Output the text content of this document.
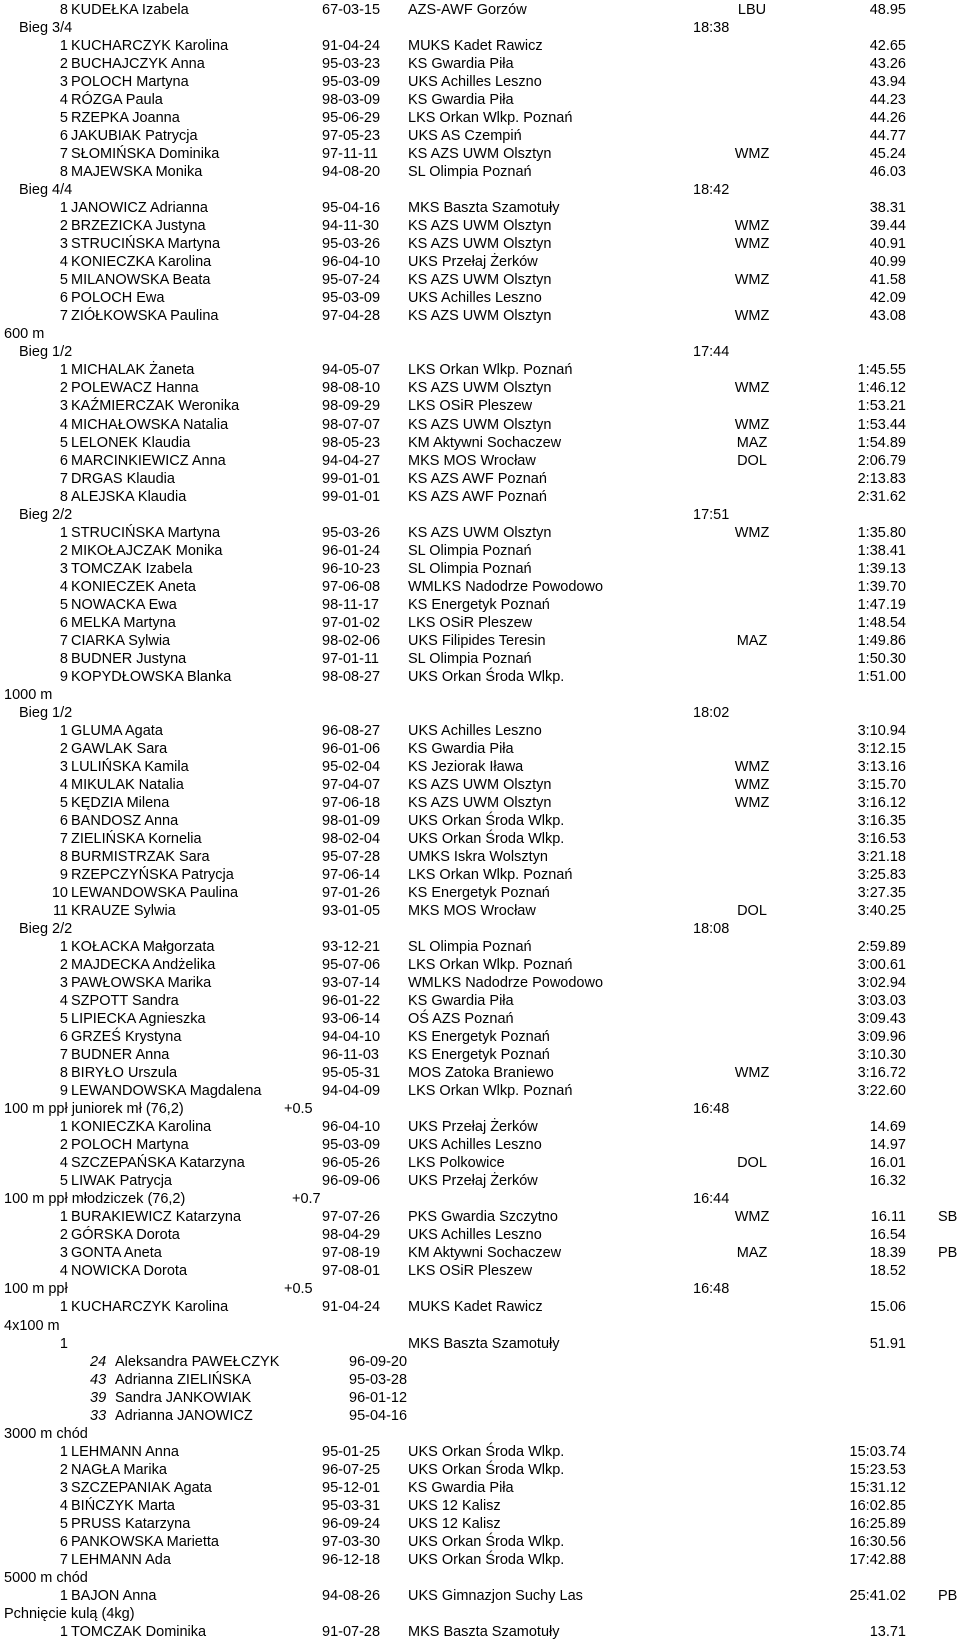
8 KUDEŁKA Izabela	67-03-15 AZS-AWF Gorzów	LBU	48.95
Bieg 3/4	18:38
1 KUCHARCZYK Karolina	91-04-24 MUKS Kadet Rawicz	42.65
2 BUCHAJCZYK Anna	95-03-23 KS Gwardia Piła	43.26
3 POLOCH Martyna	95-03-09 UKS Achilles Leszno	43.94
4 RÓZGA Paula	98-03-09 KS Gwardia Piła	44.23
5 RZEPKA Joanna	95-06-29 LKS Orkan Wlkp. Poznań	44.26
6 JAKUBIAK Patrycja	97-05-23 UKS AS Czempiń	44.77
7 SŁOMIŃSKA Dominika	97-11-11 KS AZS UWM Olsztyn	WMZ	45.24
8 MAJEWSKA Monika	94-08-20 SL Olimpia Poznań	46.03
Bieg 4/4	18:42
1 JANOWICZ Adrianna	95-04-16 MKS Baszta Szamotuły	38.31
2 BRZEZICKA Justyna	94-11-30 KS AZS UWM Olsztyn	WMZ	39.44
3 STRUCIŃSKA Martyna	95-03-26 KS AZS UWM Olsztyn	WMZ	40.91
4 KONIECZKA Karolina	96-04-10 UKS Przełaj Żerków	40.99
5 MILANOWSKA Beata	95-07-24 KS AZS UWM Olsztyn	WMZ	41.58
6 POLOCH Ewa	95-03-09 UKS Achilles Leszno	42.09
7 ZIÓŁKOWSKA Paulina	97-04-28 KS AZS UWM Olsztyn	WMZ	43.08
600 m
Bieg 1/2	17:44
1 MICHALAK Żaneta	94-05-07 LKS Orkan Wlkp. Poznań	1:45.55
2 POLEWACZ Hanna	98-08-10 KS AZS UWM Olsztyn	WMZ	1:46.12
3 KAŹMIERCZAK Weronika	98-09-29 LKS OSiR Pleszew	1:53.21
4 MICHAŁOWSKA Natalia	98-07-07 KS AZS UWM Olsztyn	WMZ	1:53.44
5 LELONEK Klaudia	98-05-23 KM Aktywni Sochaczew	MAZ	1:54.89
6 MARCINKIEWICZ Anna	94-04-27 MKS MOS Wrocław	DOL	2:06.79
7 DRGAS Klaudia	99-01-01 KS AZS AWF Poznań	2:13.83
8 ALEJSKA Klaudia	99-01-01 KS AZS AWF Poznań	2:31.62
Bieg 2/2	17:51
1 STRUCIŃSKA Martyna	95-03-26 KS AZS UWM Olsztyn	WMZ	1:35.80
2 MIKOŁAJCZAK Monika	96-01-24 SL Olimpia Poznań	1:38.41
3 TOMCZAK Izabela	96-10-23 SL Olimpia Poznań	1:39.13
4 KONIECZEK Aneta	97-06-08 WMLKS Nadodrze Powodowo	1:39.70
5 NOWACKA Ewa	98-11-17 KS Energetyk Poznań	1:47.19
6 MELKA Martyna	97-01-02 LKS OSiR Pleszew	1:48.54
7 CIARKA Sylwia	98-02-06 UKS Filipides Teresin	MAZ	1:49.86
8 BUDNER Justyna	97-01-11 SL Olimpia Poznań	1:50.30
9 KOPYDŁOWSKA Blanka	98-08-27 UKS Orkan Środa Wlkp.	1:51.00
1000 m
Bieg 1/2	18:02
1 GLUMA Agata	96-08-27 UKS Achilles Leszno	3:10.94
2 GAWLAK Sara	96-01-06 KS Gwardia Piła	3:12.15
3 LULIŃSKA Kamila	95-02-04 KS Jeziorak Iława	WMZ	3:13.16
4 MIKULAK Natalia	97-04-07 KS AZS UWM Olsztyn	WMZ	3:15.70
5 KĘDZIA Milena	97-06-18 KS AZS UWM Olsztyn	WMZ	3:16.12
6 BANDOSZ Anna	98-01-09 UKS Orkan Środa Wlkp.	3:16.35
7 ZIELIŃSKA Kornelia	98-02-04 UKS Orkan Środa Wlkp.	3:16.53
8 BURMISTRZAK Sara	95-07-28 UMKS Iskra Wolsztyn	3:21.18
9 RZEPCZYŃSKA Patrycja	97-06-14 LKS Orkan Wlkp. Poznań	3:25.83
10 LEWANDOWSKA Paulina	97-01-26 KS Energetyk Poznań	3:27.35
11 KRAUZE Sylwia	93-01-05 MKS MOS Wrocław	DOL	3:40.25
Bieg 2/2	18:08
1 KOŁACKA Małgorzata	93-12-21 SL Olimpia Poznań	2:59.89
2 MAJDECKA Andżelika	95-07-06 LKS Orkan Wlkp. Poznań	3:00.61
3 PAWŁOWSKA Marika	93-07-14 WMLKS Nadodrze Powodowo	3:02.94
4 SZPOTT Sandra	96-01-22 KS Gwardia Piła	3:03.03
5 LIPIECKA Agnieszka	93-06-14 OŚ AZS Poznań	3:09.43
6 GRZEŚ Krystyna	94-04-10 KS Energetyk Poznań	3:09.96
7 BUDNER Anna	96-11-03 KS Energetyk Poznań	3:10.30
8 BIRYŁO Urszula	95-05-31 MOS Zatoka Braniewo	WMZ	3:16.72
9 LEWANDOWSKA Magdalena	94-04-09 LKS Orkan Wlkp. Poznań	3:22.60
100 m ppł juniorek mł (76,2)	+0.5	16:48
1 KONIECZKA Karolina	96-04-10 UKS Przełaj Żerków	14.69
2 POLOCH Martyna	95-03-09 UKS Achilles Leszno	14.97
4 SZCZEPAŃSKA Katarzyna	96-05-26 LKS Polkowice	DOL	16.01
5 LIWAK Patrycja	96-09-06 UKS Przełaj Żerków	16.32
100 m ppł młodziczek (76,2)	+0.7	16:44
1 BURAKIEWICZ Katarzyna	97-07-26 PKS Gwardia Szczytno	WMZ	16.11 SB
2 GÓRSKA Dorota	98-04-29 UKS Achilles Leszno	16.54
3 GONTA Aneta	97-08-19 KM Aktywni Sochaczew	MAZ	18.39 PB
4 NOWICKA Dorota	97-08-01 LKS OSiR Pleszew	18.52
100 m ppł	+0.5	16:48
1 KUCHARCZYK Karolina	91-04-24 MUKS Kadet Rawicz	15.06
4x100 m
1	MKS Baszta Szamotuły	51.91
24 Aleksandra PAWEŁCZYK	96-09-20
43 Adrianna ZIELIŃSKA	95-03-28
39 Sandra JANKOWIAK	96-01-12
33 Adrianna JANOWICZ	95-04-16
3000 m chód
1 LEHMANN Anna	95-01-25 UKS Orkan Środa Wlkp.	15:03.74
2 NAGŁA Marika	96-07-25 UKS Orkan Środa Wlkp.	15:23.53
3 SZCZEPANIAK Agata	95-12-01 KS Gwardia Piła	15:31.12
4 BIŃCZYK Marta	95-03-31 UKS 12 Kalisz	16:02.85
5 PRUSS Katarzyna	96-09-24 UKS 12 Kalisz	16:25.89
6 PANKOWSKA Marietta	97-03-30 UKS Orkan Środa Wlkp.	16:30.56
7 LEHMANN Ada	96-12-18 UKS Orkan Środa Wlkp.	17:42.88
5000 m chód
1 BAJON Anna	94-08-26 UKS Gimnazjon Suchy Las	25:41.02 PB
Pchnięcie kulą (4kg)
1 TOMCZAK Dominika	91-07-28 MKS Baszta Szamotuły	13.71
